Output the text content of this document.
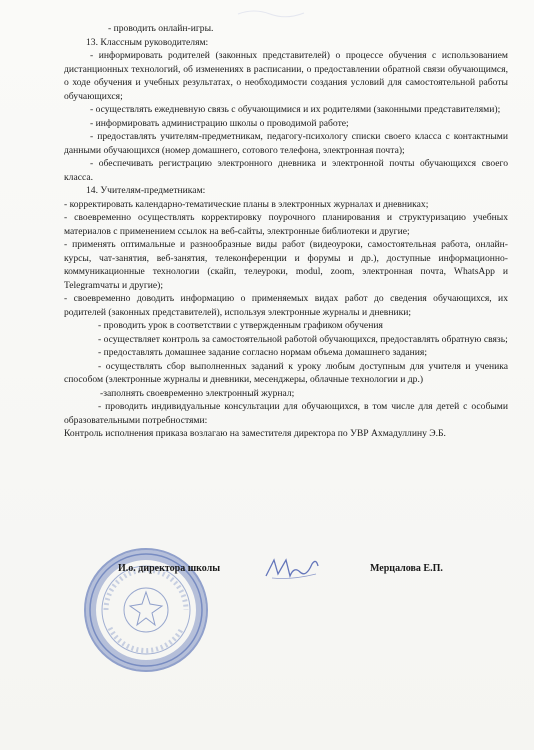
- проводить онлайн-игры.

13. Классным руководителям:

- информировать родителей (законных представителей) о процессе обучения с использованием дистанционных технологий, об изменениях в расписании, о предоставлении обратной связи обучающимся, о ходе обучения и учебных результатах, о необходимости создания условий для самостоятельной работы обучающихся;

- осуществлять ежедневную связь с обучающимися и их родителями (законными представителями);

- информировать администрацию школы о проводимой работе;

- предоставлять учителям-предметникам, педагогу-психологу списки своего класса с контактными данными обучающихся (номер домашнего, сотового телефона, электронная почта);

- обеспечивать регистрацию электронного дневника и электронной почты обучающихся своего класса.

14. Учителям-предметникам:

- корректировать календарно-тематические планы в электронных журналах и дневниках;

- своевременно осуществлять корректировку поурочного планирования и структуризацию учебных материалов с применением ссылок на веб-сайты, электронные библиотеки и другие;

- применять оптимальные и разнообразные виды работ (видеоуроки, самостоятельная работа, онлайн-курсы, чат-занятия, веб-занятия, телеконференции и форумы и др.), доступные информационно-коммуникационные технологии (скайп, телеуроки, modul, zoom, электронная почта, WhatsApp и Telegramчаты и другие);

- своевременно доводить информацию о применяемых видах работ до сведения обучающихся, их родителей (законных представителей), используя электронные журналы и дневники;

- проводить урок в соответствии с утвержденным графиком обучения

- осуществляет контроль за самостоятельной работой обучающихся, предоставлять обратную связь;

- предоставлять домашнее задание согласно нормам объема домашнего задания;

- осуществлять сбор выполненных заданий к уроку любым доступным для учителя и ученика способом (электронные журналы и дневники, месенджеры, облачные технологии и др.)

-заполнять своевременно электронный журнал;

- проводить индивидуальные консультации для обучающихся, в том числе для детей с особыми образовательными потребностями:

Контроль исполнения приказа возлагаю на заместителя директора по УВР Ахмадуллину Э.Б.

И.о. директора школы	Мерцалова Е.П.
